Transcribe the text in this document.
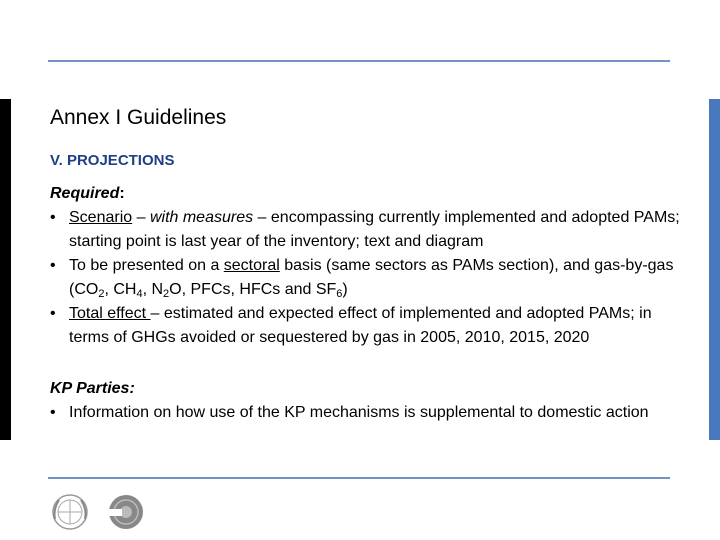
Annex I Guidelines
V. PROJECTIONS
Required:
• Scenario – with measures – encompassing currently implemented and adopted PAMs; starting point is last year of the inventory; text and diagram
• To be presented on a sectoral basis (same sectors as PAMs section), and gas-by-gas ($CO_2$, $CH_4$, $N_2O$, PFCs, HFCs and $SF_6$)
• Total effect – estimated and expected effect of implemented and adopted PAMs; in terms of GHGs avoided or sequestered by gas in 2005, 2010, 2015, 2020
KP Parties:
• Information on how use of the KP mechanisms is supplemental to domestic action
